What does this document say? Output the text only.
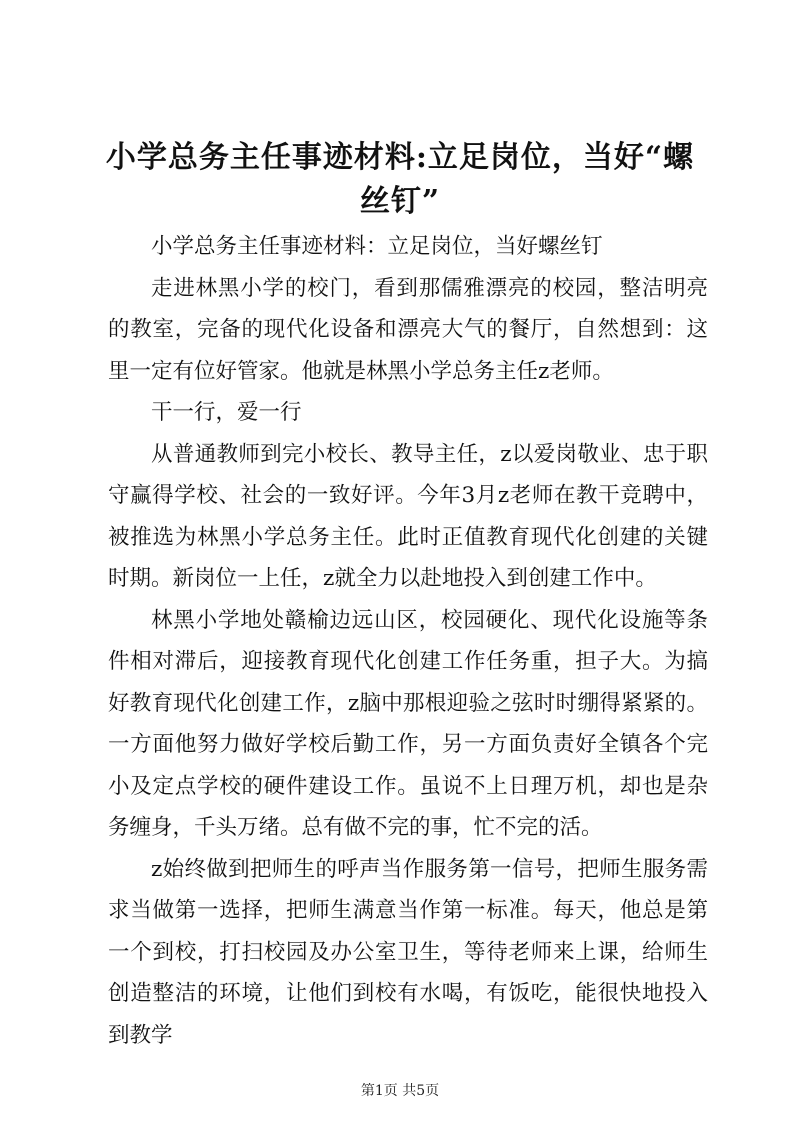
小学总务主任事迹材料:立足岗位，当好“螺丝钉”

小学总务主任事迹材料：立足岗位，当好螺丝钉

走进林黑小学的校门，看到那儒雅漂亮的校园，整洁明亮的教室，完备的现代化设备和漂亮大气的餐厅，自然想到：这里一定有位好管家。他就是林黑小学总务主任z老师。

干一行，爱一行

从普通教师到完小校长、教导主任，z以爱岗敬业、忠于职守赢得学校、社会的一致好评。今年3月z老师在教干竞聘中，被推选为林黑小学总务主任。此时正值教育现代化创建的关键时期。新岗位一上任，z就全力以赴地投入到创建工作中。

林黑小学地处赣榆边远山区，校园硬化、现代化设施等条件相对滞后，迎接教育现代化创建工作任务重，担子大。为搞好教育现代化创建工作，z脑中那根迎验之弦时时绷得紧紧的。一方面他努力做好学校后勤工作，另一方面负责好全镇各个完小及定点学校的硬件建设工作。虽说不上日理万机，却也是杂务缠身，千头万绪。总有做不完的事，忙不完的活。

z始终做到把师生的呼声当作服务第一信号，把师生服务需求当做第一选择，把师生满意当作第一标准。每天，他总是第一个到校，打扫校园及办公室卫生，等待老师来上课，给师生创造整洁的环境，让他们到校有水喝，有饭吃，能很快地投入到教学

第1页 共5页
